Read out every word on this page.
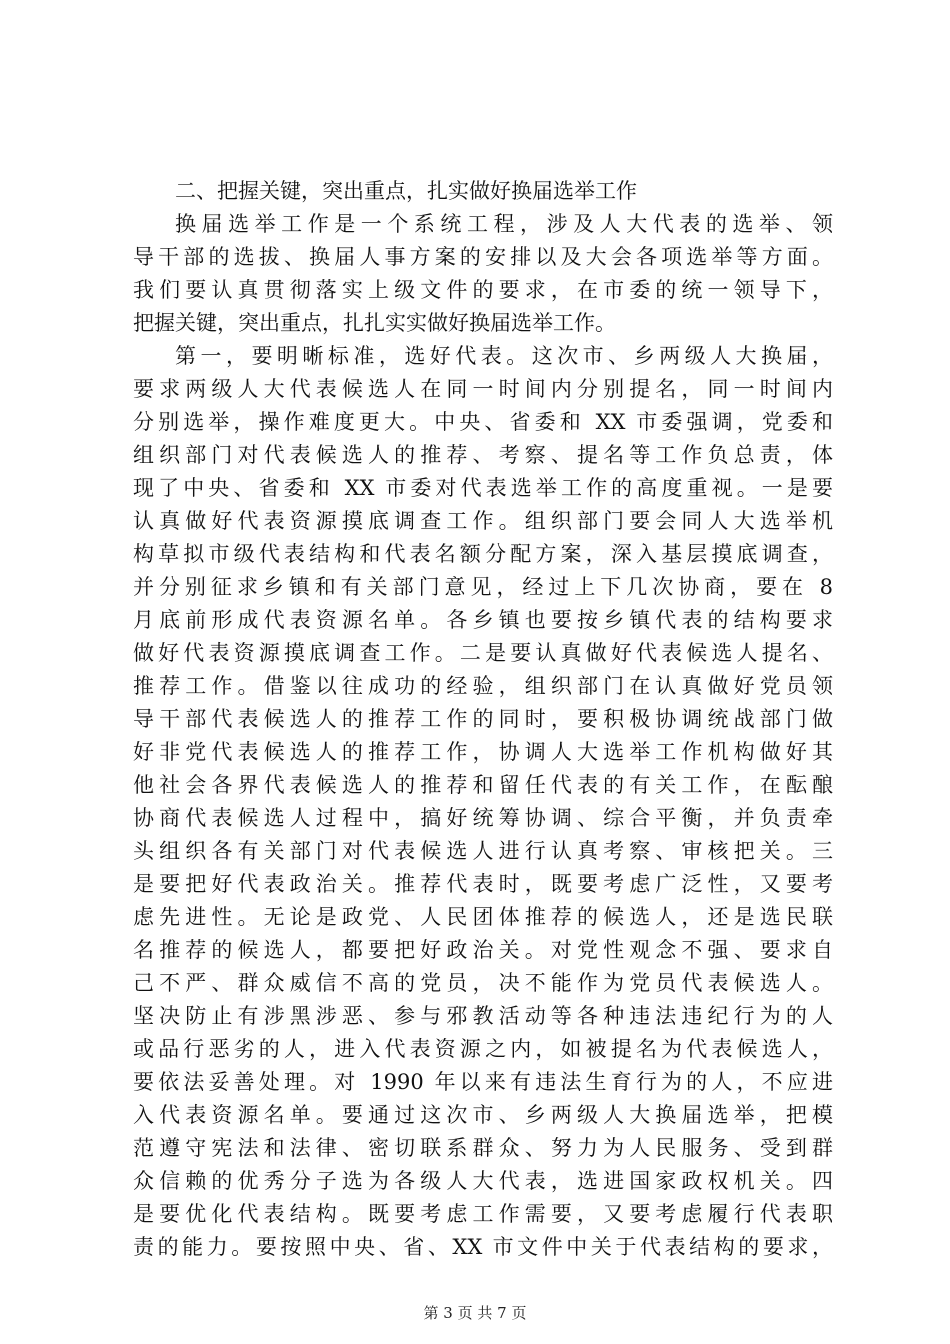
二、把握关键，突出重点，扎实做好换届选举工作
换届选举工作是一个系统工程，涉及人大代表的选举、领
导干部的选拔、换届人事方案的安排以及大会各项选举等方面。
我们要认真贯彻落实上级文件的要求，在市委的统一领导下，
把握关键，突出重点，扎扎实实做好换届选举工作。
第一，要明晰标准，选好代表。这次市、乡两级人大换届，
要求两级人大代表候选人在同一时间内分别提名，同一时间内
分别选举，操作难度更大。中央、省委和 XX 市委强调，党委和
组织部门对代表候选人的推荐、考察、提名等工作负总责，体
现了中央、省委和 XX 市委对代表选举工作的高度重视。一是要
认真做好代表资源摸底调查工作。组织部门要会同人大选举机
构草拟市级代表结构和代表名额分配方案，深入基层摸底调查，
并分别征求乡镇和有关部门意见，经过上下几次协商，要在 8
月底前形成代表资源名单。各乡镇也要按乡镇代表的结构要求
做好代表资源摸底调查工作。二是要认真做好代表候选人提名、
推荐工作。借鉴以往成功的经验，组织部门在认真做好党员领
导干部代表候选人的推荐工作的同时，要积极协调统战部门做
好非党代表候选人的推荐工作，协调人大选举工作机构做好其
他社会各界代表候选人的推荐和留任代表的有关工作，在酝酿
协商代表候选人过程中，搞好统筹协调、综合平衡，并负责牵
头组织各有关部门对代表候选人进行认真考察、审核把关。三
是要把好代表政治关。推荐代表时，既要考虑广泛性，又要考
虑先进性。无论是政党、人民团体推荐的候选人，还是选民联
名推荐的候选人，都要把好政治关。对党性观念不强、要求自
己不严、群众威信不高的党员，决不能作为党员代表候选人。
坚决防止有涉黑涉恶、参与邪教活动等各种违法违纪行为的人
或品行恶劣的人，进入代表资源之内，如被提名为代表候选人，
要依法妥善处理。对 1990 年以来有违法生育行为的人，不应进
入代表资源名单。要通过这次市、乡两级人大换届选举，把模
范遵守宪法和法律、密切联系群众、努力为人民服务、受到群
众信赖的优秀分子选为各级人大代表，选进国家政权机关。四
是要优化代表结构。既要考虑工作需要，又要考虑履行代表职
责的能力。要按照中央、省、XX 市文件中关于代表结构的要求，
第 3 页 共 7 页
